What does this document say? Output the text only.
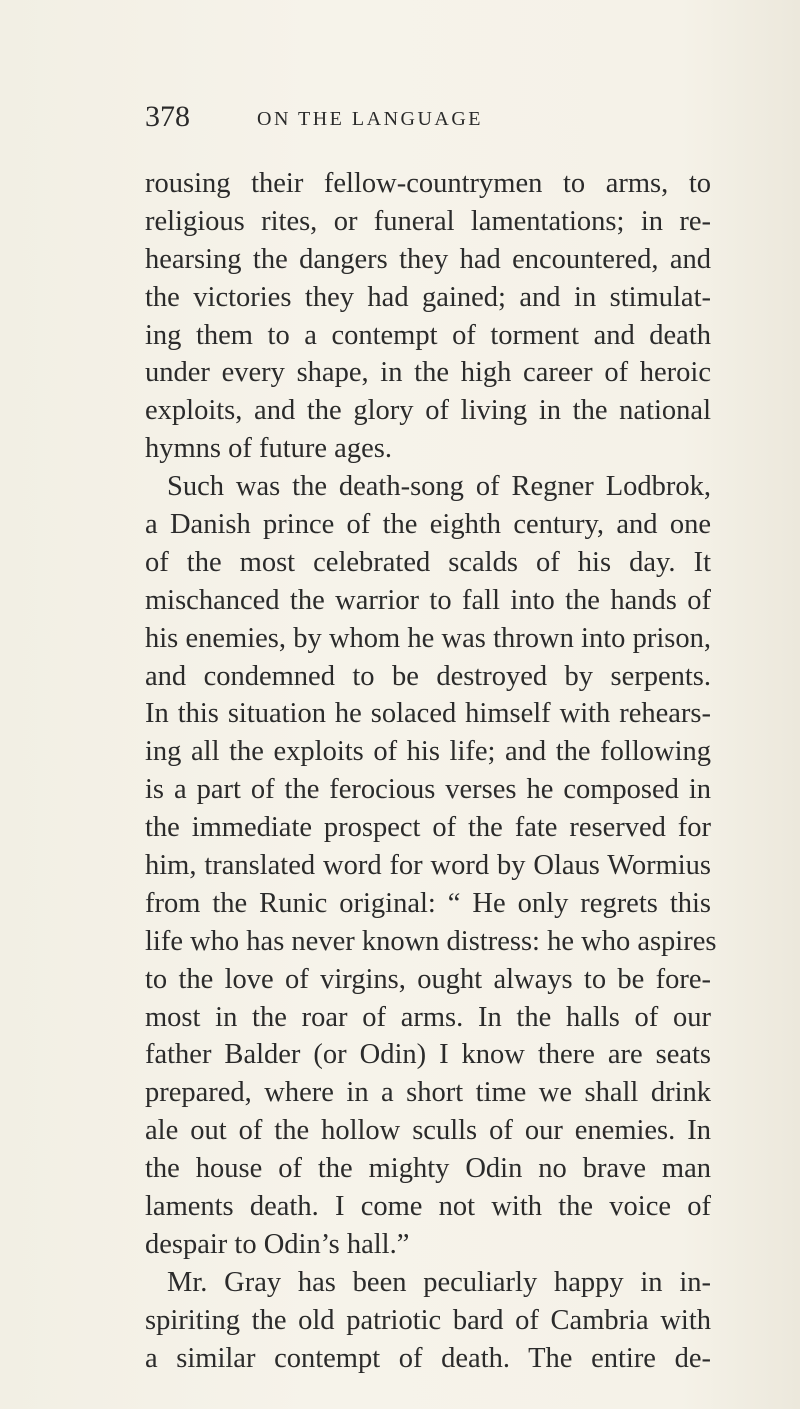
378	ON THE LANGUAGE
rousing their fellow-countrymen to arms, to
religious rites, or funeral lamentations; in re-
hearsing the dangers they had encountered, and
the victories they had gained; and in stimulat-
ing them to a contempt of torment and death
under every shape, in the high career of heroic
exploits, and the glory of living in the national
hymns of future ages.
Such was the death-song of Regner Lodbrok,
a Danish prince of the eighth century, and one
of the most celebrated scalds of his day. It
mischanced the warrior to fall into the hands of
his enemies, by whom he was thrown into prison,
and condemned to be destroyed by serpents.
In this situation he solaced himself with rehears-
ing all the exploits of his life; and the following
is a part of the ferocious verses he composed in
the immediate prospect of the fate reserved for
him, translated word for word by Olaus Wormius
from the Runic original: “ He only regrets this
life who has never known distress: he who aspires
to the love of virgins, ought always to be fore-
most in the roar of arms. In the halls of our
father Balder (or Odin) I know there are seats
prepared, where in a short time we shall drink
ale out of the hollow sculls of our enemies. In
the house of the mighty Odin no brave man
laments death. I come not with the voice of
despair to Odin’s hall.”
Mr. Gray has been peculiarly happy in in-
spiriting the old patriotic bard of Cambria with
a similar contempt of death. The entire de-
